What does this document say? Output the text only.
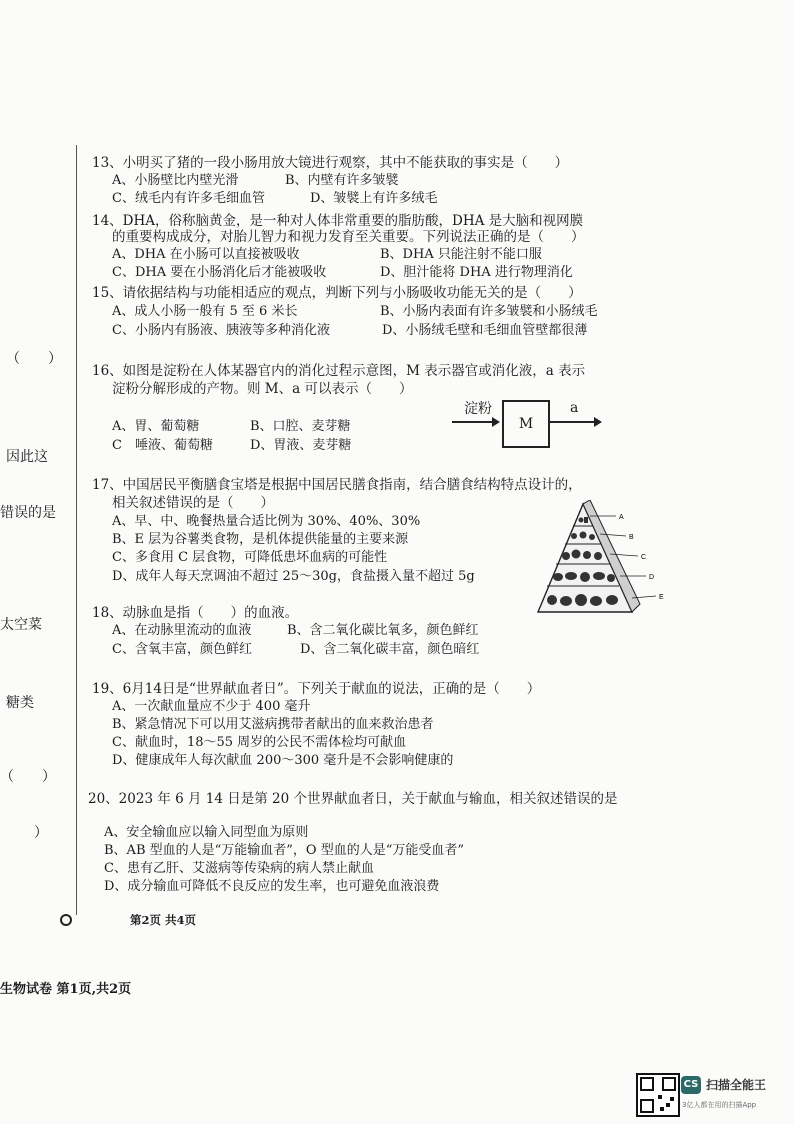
（　　）
因此这
错误的是
太空菜
糖类
（　　）
）
13、小明买了猪的一段小肠用放大镜进行观察，其中不能获取的事实是（　　）
A、小肠壁比内壁光滑	B、内壁有许多皱襞
C、绒毛内有许多毛细血管	D、皱襞上有许多绒毛
14、DHA，俗称脑黄金，是一种对人体非常重要的脂肪酸，DHA 是大脑和视网膜
的重要构成成分，对胎儿智力和视力发育至关重要。下列说法正确的是（　　）
A、DHA 在小肠可以直接被吸收	B、DHA 只能注射不能口服
C、DHA 要在小肠消化后才能被吸收	D、胆汁能将 DHA 进行物理消化
15、请依据结构与功能相适应的观点，判断下列与小肠吸收功能无关的是（　　）
A、成人小肠一般有 5 至 6 米长	B、小肠内表面有许多皱襞和小肠绒毛
C、小肠内有肠液、胰液等多种消化液	D、小肠绒毛壁和毛细血管壁都很薄
16、如图是淀粉在人体某器官内的消化过程示意图，M 表示器官或消化液，a 表示
淀粉分解形成的产物。则 M、a 可以表示（　　）
A、胃、葡萄糖	B、口腔、麦芽糖
C　唾液、葡萄糖	D、胃液、麦芽糖
淀粉
M
a
17、中国居民平衡膳食宝塔是根据中国居民膳食指南，结合膳食结构特点设计的，
相关叙述错误的是（　　）
A、早、中、晚餐热量合适比例为 30%、40%、30%
B、E 层为谷薯类食物，是机体提供能量的主要来源
C、多食用 C 层食物，可降低患坏血病的可能性
D、成年人每天烹调油不超过 25～30g，食盐摄入量不超过 5g
A
B
C
D
E
18、动脉血是指（　　）的血液。
A、在动脉里流动的血液	B、含二氧化碳比氧多，颜色鲜红
C、含氧丰富，颜色鲜红	D、含二氧化碳丰富，颜色暗红
19、6月14日是“世界献血者日”。下列关于献血的说法，正确的是（　　）
A、一次献血量应不少于 400 毫升
B、紧急情况下可以用艾滋病携带者献出的血来救治患者
C、献血时，18～55 周岁的公民不需体检均可献血
D、健康成年人每次献血 200～300 毫升是不会影响健康的
20、2023 年 6 月 14 日是第 20 个世界献血者日，关于献血与输血，相关叙述错误的是
A、安全输血应以输入同型血为原则
B、AB 型血的人是“万能输血者”，O 型血的人是“万能受血者”
C、患有乙肝、艾滋病等传染病的病人禁止献血
D、成分输血可降低不良反应的发生率，也可避免血液浪费
第2页 共4页
生物试卷 第1页,共2页
CS 扫描全能王
3亿人都在用的扫描App
